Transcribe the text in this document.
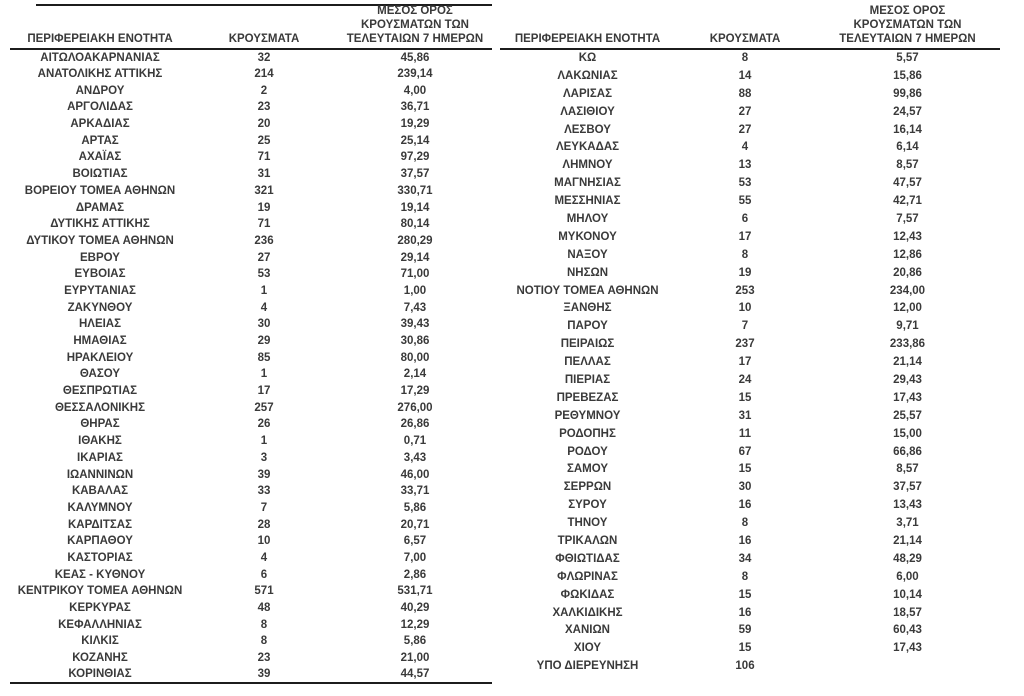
ΠΕΡΙΦΕΡΕΙΑΚΗ ΕΝΟΤΗΤΑ	ΚΡΟΥΣΜΑΤΑ	ΜΕΣΟΣ ΟΡΟΣ
ΚΡΟΥΣΜΑΤΩΝ ΤΩΝ
ΤΕΛΕΥΤΑΙΩΝ 7 ΗΜΕΡΩΝ

ΑΙΤΩΛΟΑΚΑΡΝΑΝΙΑΣ	32	45,86
ΑΝΑΤΟΛΙΚΗΣ ΑΤΤΙΚΗΣ	214	239,14
ΑΝΔΡΟΥ	2	4,00
ΑΡΓΟΛΙΔΑΣ	23	36,71
ΑΡΚΑΔΙΑΣ	20	19,29
ΑΡΤΑΣ	25	25,14
ΑΧΑΪΑΣ	71	97,29
ΒΟΙΩΤΙΑΣ	31	37,57
ΒΟΡΕΙΟΥ ΤΟΜΕΑ ΑΘΗΝΩΝ	321	330,71
ΔΡΑΜΑΣ	19	19,14
ΔΥΤΙΚΗΣ ΑΤΤΙΚΗΣ	71	80,14
ΔΥΤΙΚΟΥ ΤΟΜΕΑ ΑΘΗΝΩΝ	236	280,29
ΕΒΡΟΥ	27	29,14
ΕΥΒΟΙΑΣ	53	71,00
ΕΥΡΥΤΑΝΙΑΣ	1	1,00
ΖΑΚΥΝΘΟΥ	4	7,43
ΗΛΕΙΑΣ	30	39,43
ΗΜΑΘΙΑΣ	29	30,86
ΗΡΑΚΛΕΙΟΥ	85	80,00
ΘΑΣΟΥ	1	2,14
ΘΕΣΠΡΩΤΙΑΣ	17	17,29
ΘΕΣΣΑΛΟΝΙΚΗΣ	257	276,00
ΘΗΡΑΣ	26	26,86
ΙΘΑΚΗΣ	1	0,71
ΙΚΑΡΙΑΣ	3	3,43
ΙΩΑΝΝΙΝΩΝ	39	46,00
ΚΑΒΑΛΑΣ	33	33,71
ΚΑΛΥΜΝΟΥ	7	5,86
ΚΑΡΔΙΤΣΑΣ	28	20,71
ΚΑΡΠΑΘΟΥ	10	6,57
ΚΑΣΤΟΡΙΑΣ	4	7,00
ΚΕΑΣ - ΚΥΘΝΟΥ	6	2,86
ΚΕΝΤΡΙΚΟΥ ΤΟΜΕΑ ΑΘΗΝΩΝ	571	531,71
ΚΕΡΚΥΡΑΣ	48	40,29
ΚΕΦΑΛΛΗΝΙΑΣ	8	12,29
ΚΙΛΚΙΣ	8	5,86
ΚΟΖΑΝΗΣ	23	21,00
ΚΟΡΙΝΘΙΑΣ	39	44,57
ΠΕΡΙΦΕΡΕΙΑΚΗ ΕΝΟΤΗΤΑ	ΚΡΟΥΣΜΑΤΑ	ΜΕΣΟΣ ΟΡΟΣ
ΚΡΟΥΣΜΑΤΩΝ ΤΩΝ
ΤΕΛΕΥΤΑΙΩΝ 7 ΗΜΕΡΩΝ

ΚΩ	8	5,57
ΛΑΚΩΝΙΑΣ	14	15,86
ΛΑΡΙΣΑΣ	88	99,86
ΛΑΣΙΘΙΟΥ	27	24,57
ΛΕΣΒΟΥ	27	16,14
ΛΕΥΚΑΔΑΣ	4	6,14
ΛΗΜΝΟΥ	13	8,57
ΜΑΓΝΗΣΙΑΣ	53	47,57
ΜΕΣΣΗΝΙΑΣ	55	42,71
ΜΗΛΟΥ	6	7,57
ΜΥΚΟΝΟΥ	17	12,43
ΝΑΞΟΥ	8	12,86
ΝΗΣΩΝ	19	20,86
ΝΟΤΙΟΥ ΤΟΜΕΑ ΑΘΗΝΩΝ	253	234,00
ΞΑΝΘΗΣ	10	12,00
ΠΑΡΟΥ	7	9,71
ΠΕΙΡΑΙΩΣ	237	233,86
ΠΕΛΛΑΣ	17	21,14
ΠΙΕΡΙΑΣ	24	29,43
ΠΡΕΒΕΖΑΣ	15	17,43
ΡΕΘΥΜΝΟΥ	31	25,57
ΡΟΔΟΠΗΣ	11	15,00
ΡΟΔΟΥ	67	66,86
ΣΑΜΟΥ	15	8,57
ΣΕΡΡΩΝ	30	37,57
ΣΥΡΟΥ	16	13,43
ΤΗΝΟΥ	8	3,71
ΤΡΙΚΑΛΩΝ	16	21,14
ΦΘΙΩΤΙΔΑΣ	34	48,29
ΦΛΩΡΙΝΑΣ	8	6,00
ΦΩΚΙΔΑΣ	15	10,14
ΧΑΛΚΙΔΙΚΗΣ	16	18,57
ΧΑΝΙΩΝ	59	60,43
ΧΙΟΥ	15	17,43
ΥΠΟ ΔΙΕΡΕΥΝΗΣΗ	106	
